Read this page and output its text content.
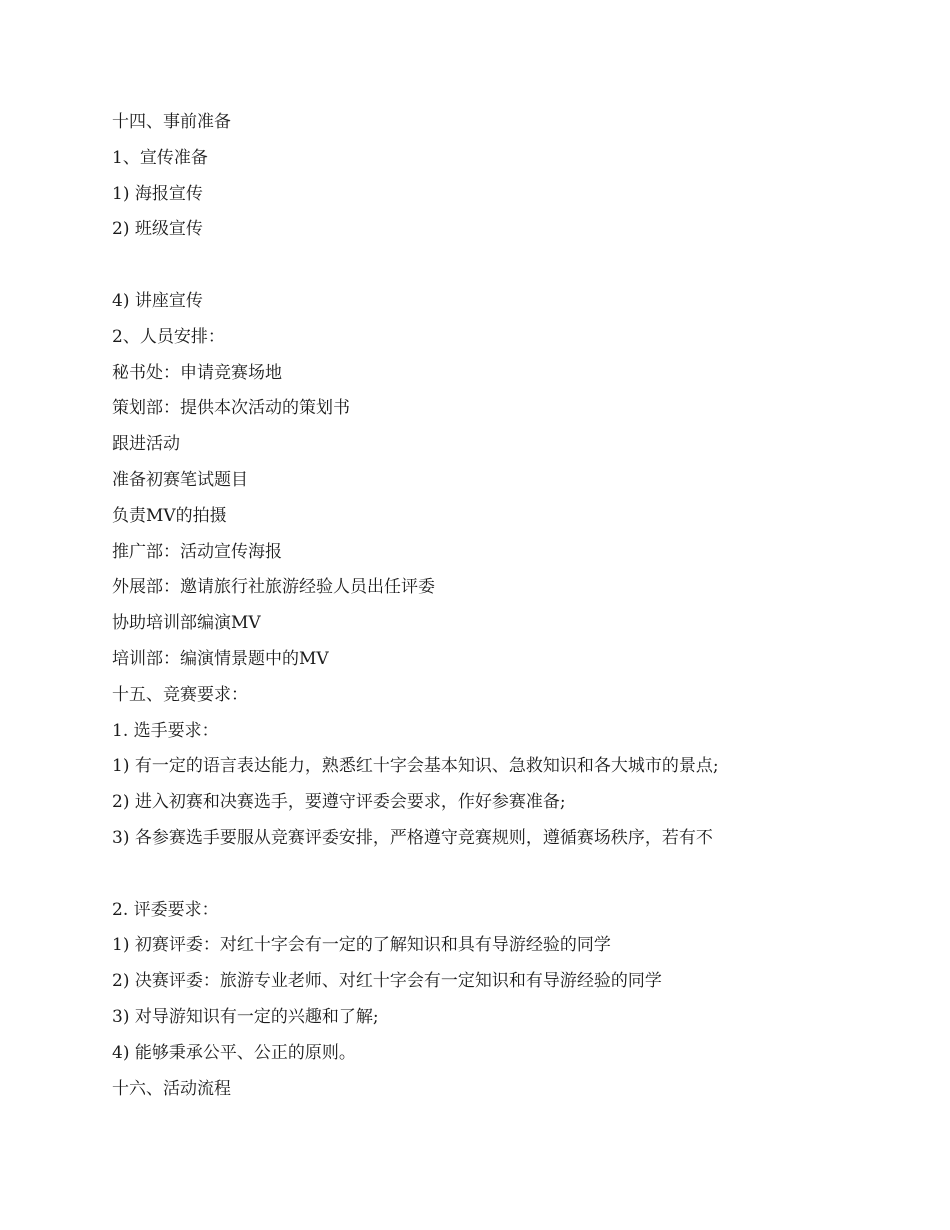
十四、事前准备
1、宣传准备
1) 海报宣传
2) 班级宣传
4) 讲座宣传
2、人员安排：
秘书处：申请竞赛场地
策划部：提供本次活动的策划书
跟进活动
准备初赛笔试题目
负责MV的拍摄
推广部：活动宣传海报
外展部：邀请旅行社旅游经验人员出任评委
协助培训部编演MV
培训部：编演情景题中的MV
十五、竞赛要求：
1. 选手要求：
1) 有一定的语言表达能力，熟悉红十字会基本知识、急救知识和各大城市的景点;
2) 进入初赛和决赛选手，要遵守评委会要求，作好参赛准备;
3) 各参赛选手要服从竞赛评委安排，严格遵守竞赛规则，遵循赛场秩序，若有不
2. 评委要求：
1) 初赛评委：对红十字会有一定的了解知识和具有导游经验的同学
2) 决赛评委：旅游专业老师、对红十字会有一定知识和有导游经验的同学
3) 对导游知识有一定的兴趣和了解;
4) 能够秉承公平、公正的原则。
十六、活动流程
